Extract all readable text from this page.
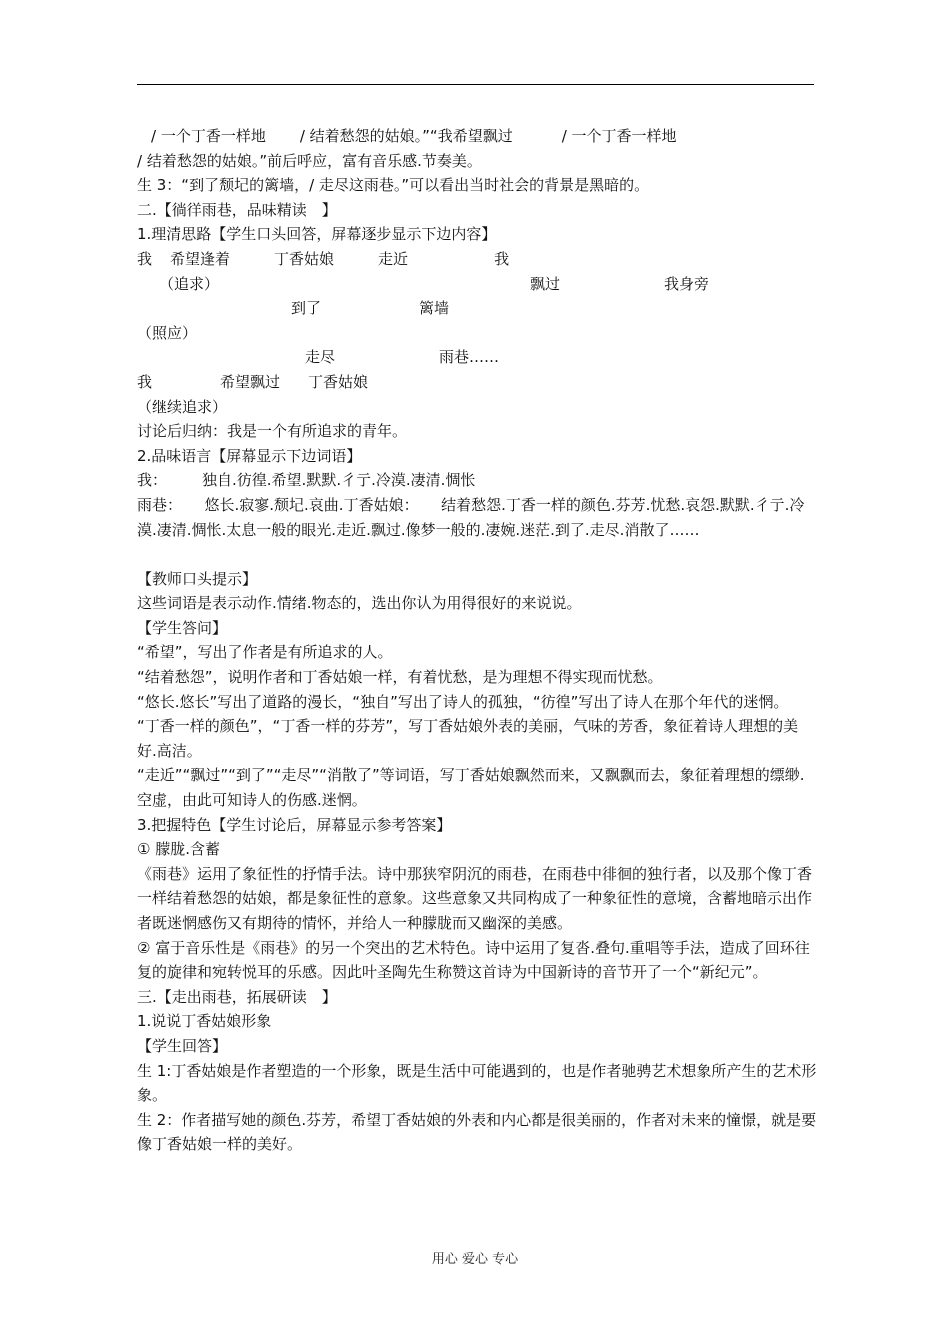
/ 一个丁香一样地 / 结着愁怨的姑娘。”“我希望飘过	/ 一个丁香一样地
/ 结着愁怨的姑娘。”前后呼应，富有音乐感.节奏美。
生 3：“到了颓圮的篱墙，/ 走尽这雨巷。”可以看出当时社会的背景是黑暗的。
二.【徜徉雨巷，品味精读　】
1.理清思路【学生口头回答，屏幕逐步显示下边内容】
我 希望逢着	丁香姑娘	走近	我
（追求）	飘过	我身旁
到了	篱墙
（照应）
走尽	雨巷……
我	希望飘过 丁香姑娘
（继续追求）
讨论后归纳：我是一个有所追求的青年。
2.品味语言【屏幕显示下边词语】
我： 独自.彷徨.希望.默默.彳亍.冷漠.凄清.惆怅
雨巷：　　悠长.寂寥.颓圮.哀曲.丁香姑娘：　　结着愁怨.丁香一样的颜色.芬芳.忧愁.哀怨.默默.彳亍.冷漠.凄清.惆怅.太息一般的眼光.走近.飘过.像梦一般的.凄婉.迷茫.到了.走尽.消散了……
【教师口头提示】
这些词语是表示动作.情绪.物态的，选出你认为用得很好的来说说。
【学生答问】
“希望”，写出了作者是有所追求的人。
“结着愁怨”，说明作者和丁香姑娘一样，有着忧愁，是为理想不得实现而忧愁。
“悠长.悠长”写出了道路的漫长，“独自”写出了诗人的孤独，“彷徨”写出了诗人在那个年代的迷惘。
“丁香一样的颜色”，“丁香一样的芬芳”，写丁香姑娘外表的美丽，气味的芳香，象征着诗人理想的美好.高洁。
“走近”“飘过”“到了”“走尽”“消散了”等词语，写丁香姑娘飘然而来，又飘飘而去，象征着理想的缥缈.空虚，由此可知诗人的伤感.迷惘。
3.把握特色【学生讨论后，屏幕显示参考答案】
① 朦胧.含蓄
《雨巷》运用了象征性的抒情手法。诗中那狭窄阴沉的雨巷，在雨巷中徘徊的独行者，以及那个像丁香一样结着愁怨的姑娘，都是象征性的意象。这些意象又共同构成了一种象征性的意境，含蓄地暗示出作者既迷惘感伤又有期待的情怀，并给人一种朦胧而又幽深的美感。
② 富于音乐性是《雨巷》的另一个突出的艺术特色。诗中运用了复沓.叠句.重唱等手法，造成了回环往复的旋律和宛转悦耳的乐感。因此叶圣陶先生称赞这首诗为中国新诗的音节开了一个“新纪元”。
三.【走出雨巷，拓展研读　】
1.说说丁香姑娘形象
【学生回答】
生 1:丁香姑娘是作者塑造的一个形象，既是生活中可能遇到的，也是作者驰骋艺术想象所产生的艺术形象。
生 2：作者描写她的颜色.芬芳，希望丁香姑娘的外表和内心都是很美丽的，作者对未来的憧憬，就是要像丁香姑娘一样的美好。
用心 爱心 专心
